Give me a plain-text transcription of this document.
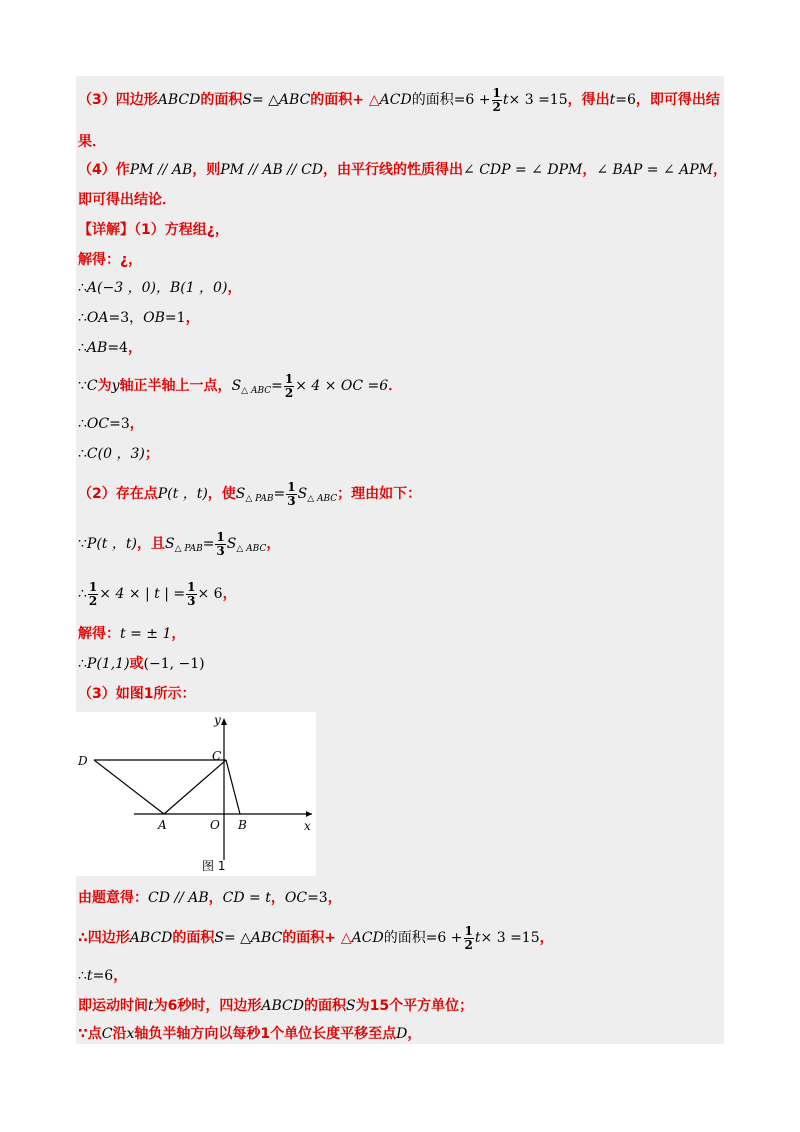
（3）四边形ABCD的面积S= △ABC的面积+ △ACD的面积$=6 + \frac{1}{2} t\times 3 =15$，得出t=6，即可得出结
果．
（4）作PM // AB，则PM // AB // CD，由平行线的性质得出∠ CDP = ∠ DPM，∠ BAP = ∠ APM，
即可得出结论．
【详解】（1）方程组¿，
解得：¿，
∴A(−3 ，0)，B(1 ，0)，
∴OA=3，OB=1，
∴AB=4，
∵C为y轴正半轴上一点，$S_{\triangle ABC}= \frac{1}{2} \times 4$ × OC =6．
∴OC=3，
∴C(0 ，3)；
（2）存在点P(t ，t)，使$S_{\triangle PAB}= \frac{1}{3} S_{\triangle ABC}$；理由如下：
∵P(t ，t)，且$S_{\triangle PAB}= \frac{1}{3} S_{\triangle ABC}$，
∴ $\frac{1}{2} \times 4$ × | t | = $\frac{1}{3} \times 6$，
解得：t = ± 1，
∴P(1,1)或(−1, −1)
（3）如图1所示：
y
x
D	C
A	O B
图 1
由题意得：CD // AB，CD = t，OC=3，
∴四边形ABCD的面积S= △ABC的面积+ △ACD的面积$=6 + \frac{1}{2} t\times 3 =15$，
∴t=6，
即运动时间t为6秒时，四边形ABCD的面积S为15个平方单位；
∵点C沿x轴负半轴方向以每秒1个单位长度平移至点D，
